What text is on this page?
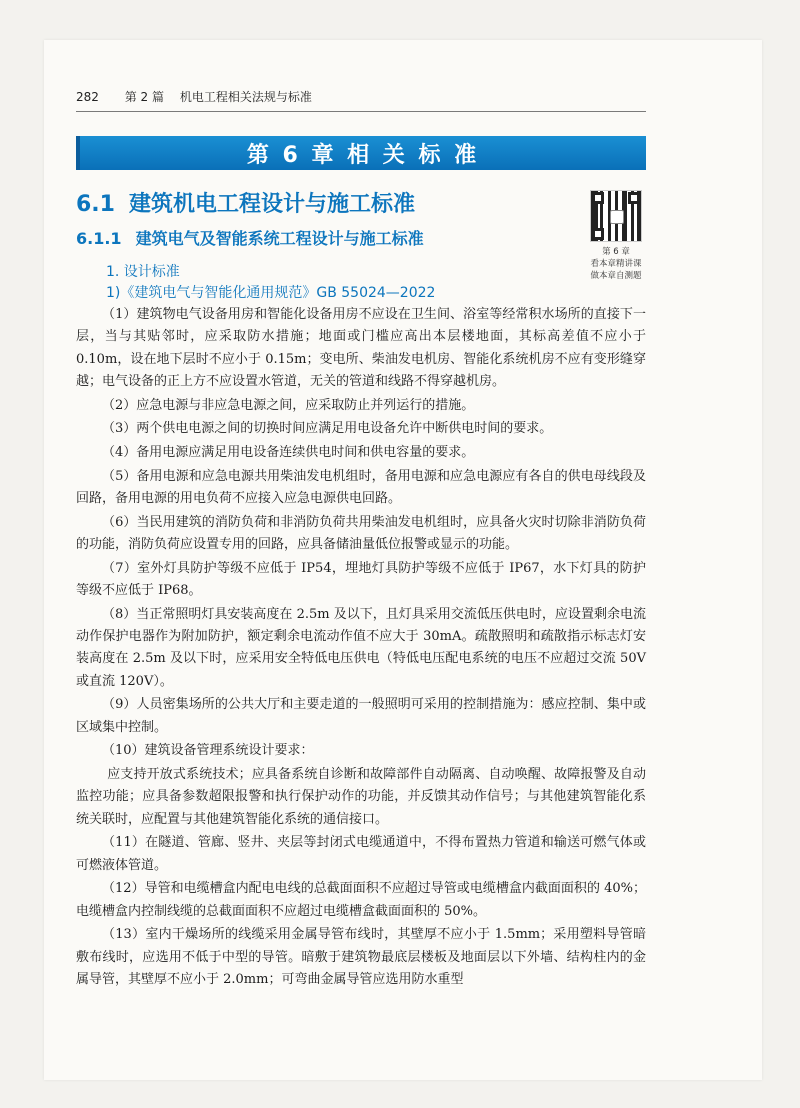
282 第 2 篇 机电工程相关法规与标准
第 6 章 相 关 标 准
6.1 建筑机电工程设计与施工标准
6.1.1 建筑电气及智能系统工程设计与施工标准
1. 设计标准
1)《建筑电气与智能化通用规范》GB 55024—2022
第 6 章
看本章精讲课
做本章自测题

（1）建筑物电气设备用房和智能化设备用房不应设在卫生间、浴室等经常积水场所的直接下一层，当与其贴邻时，应采取防水措施；地面或门槛应高出本层楼地面，其标高差值不应小于 0.10m，设在地下层时不应小于 0.15m；变电所、柴油发电机房、智能化系统机房不应有变形缝穿越；电气设备的正上方不应设置水管道，无关的管道和线路不得穿越机房。

（2）应急电源与非应急电源之间，应采取防止并列运行的措施。

（3）两个供电电源之间的切换时间应满足用电设备允许中断供电时间的要求。

（4）备用电源应满足用电设备连续供电时间和供电容量的要求。

（5）备用电源和应急电源共用柴油发电机组时，备用电源和应急电源应有各自的供电母线段及回路，备用电源的用电负荷不应接入应急电源供电回路。

（6）当民用建筑的消防负荷和非消防负荷共用柴油发电机组时，应具备火灾时切除非消防负荷的功能，消防负荷应设置专用的回路，应具备储油量低位报警或显示的功能。

（7）室外灯具防护等级不应低于 IP54，埋地灯具防护等级不应低于 IP67，水下灯具的防护等级不应低于 IP68。

（8）当正常照明灯具安装高度在 2.5m 及以下，且灯具采用交流低压供电时，应设置剩余电流动作保护电器作为附加防护，额定剩余电流动作值不应大于 30mA。疏散照明和疏散指示标志灯安装高度在 2.5m 及以下时，应采用安全特低电压供电（特低电压配电系统的电压不应超过交流 50V 或直流 120V）。

（9）人员密集场所的公共大厅和主要走道的一般照明可采用的控制措施为：感应控制、集中或区域集中控制。

（10）建筑设备管理系统设计要求：

应支持开放式系统技术；应具备系统自诊断和故障部件自动隔离、自动唤醒、故障报警及自动监控功能；应具备参数超限报警和执行保护动作的功能，并反馈其动作信号；与其他建筑智能化系统关联时，应配置与其他建筑智能化系统的通信接口。

（11）在隧道、管廊、竖井、夹层等封闭式电缆通道中，不得布置热力管道和输送可燃气体或可燃液体管道。

（12）导管和电缆槽盒内配电电线的总截面面积不应超过导管或电缆槽盒内截面面积的 40%；电缆槽盒内控制线缆的总截面面积不应超过电缆槽盒截面面积的 50%。

（13）室内干燥场所的线缆采用金属导管布线时，其壁厚不应小于 1.5mm；采用塑料导管暗敷布线时，应选用不低于中型的导管。暗敷于建筑物最底层楼板及地面层以下外墙、结构柱内的金属导管，其壁厚不应小于 2.0mm；可弯曲金属导管应选用防水重型
